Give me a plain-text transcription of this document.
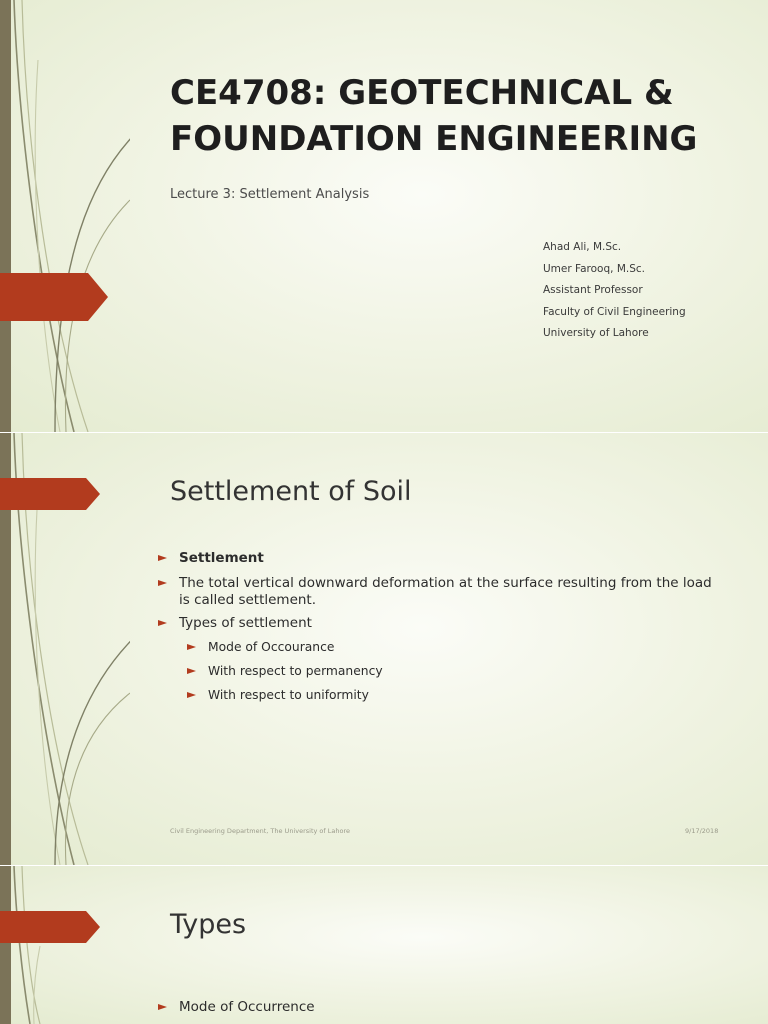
CE4708: GEOTECHNICAL &
FOUNDATION ENGINEERING
Lecture 3: Settlement Analysis
Ahad Ali, M.Sc.
Umer Farooq, M.Sc.
Assistant Professor
Faculty of Civil Engineering
University of Lahore
Settlement of Soil
Settlement
The total vertical downward deformation at the surface resulting from the load is called settlement.
Types of settlement
Mode of Occourance
With respect to permanency
With respect to uniformity
Civil Engineering Department, The University of Lahore	9/17/2018
Types
Mode of Occurrence
